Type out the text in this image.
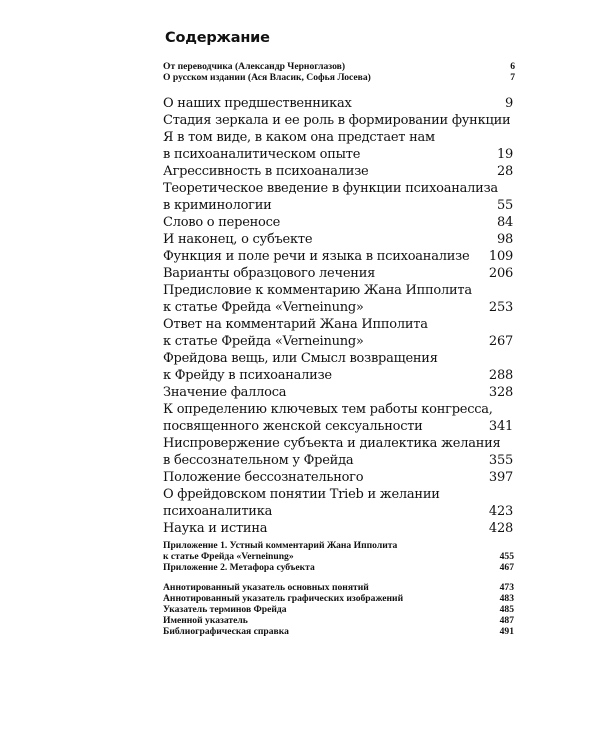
Содержание
От переводчика (Александр Черноглазов)	6
О русском издании (Ася Власик, Софья Лосева)	7
О наших предшественниках	9
Стадия зеркала и ее роль в формировании функции
Я в том виде, в каком она предстает нам
в психоаналитическом опыте	19
Агрессивность в психоанализе	28
Теоретическое введение в функции психоанализа
в криминологии	55
Слово о переносе	84
И наконец, о субъекте	98
Функция и поле речи и языка в психоанализе 109
Варианты образцового лечения	206
Предисловие к комментарию Жана Ипполита
к статье Фрейда «Verneinung»	253
Ответ на комментарий Жана Ипполита
к статье Фрейда «Verneinung»	267
Фрейдова вещь, или Смысл возвращения
к Фрейду в психоанализе	288
Значение фаллоса	328
К определению ключевых тем работы конгресса,
посвященного женской сексуальности	341
Ниспровержение субъекта и диалектика желания
в бессознательном у Фрейда	355
Положение бессознательного	397
О фрейдовском понятии Trieb и желании
психоаналитика	423
Наука и истина	428
Приложение 1. Устный комментарий Жана Ипполита
к статье Фрейда «Verneinung»	455
Приложение 2. Метафора субъекта	467
Аннотированный указатель основных понятий	473
Аннотированный указатель графических изображений	483
Указатель терминов Фрейда	485
Именной указатель	487
Библиографическая справка	491
